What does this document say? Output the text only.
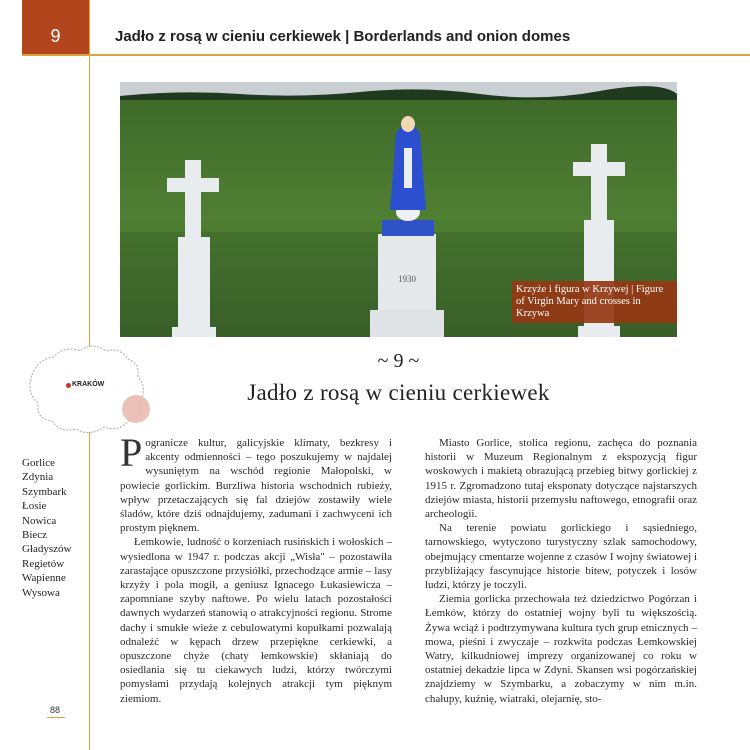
9	Jadło z rosą w cieniu cerkiewek | Borderlands and onion domes
1930
Krzyże i figura w Krzywej | Figure of Virgin Mary and crosses in Krzywa
KRAKÓW
~ 9 ~
Jadło z rosą w cieniu cerkiewek
Gorlice
Zdynia
Szymbark
Łosie
Nowica
Biecz
Gładyszów
Regietów
Wapienne
Wysowa

Pogranicze kultur, galicyjskie klimaty, bezkresy i akcenty odmienności – tego poszukujemy w najdalej wysuniętym na wschód regionie Małopolski, w powiecie gorlickim. Burzliwa historia wschodnich rubieży, wpływ przetaczających się fal dziejów zostawiły wiele śladów, które dziś odnajdujemy, zadumani i zachwyceni ich prostym pięknem.

Łemkowie, ludność o korzeniach rusińskich i wołoskich – wysiedlona w 1947 r. podczas akcji „Wisła" – pozostawiła zarastające opuszczone przysiółki, przechodzące armie – lasy krzyży i pola mogił, a geniusz Ignacego Łukasiewicza – zapomniane szyby naftowe. Po wielu latach pozostałości dawnych wydarzeń stanowią o atrakcyjności regionu. Strome dachy i smukłe wieże z cebulowatymi kopułkami pozwalają odnaleźć w kępach drzew przepiękne cerkiewki, a opuszczone chyże (chaty łemkowskie) skłaniają do osiedlania się tu ciekawych ludzi, którzy twórczymi pomysłami przydają kolejnych atrakcji tym pięknym ziemiom.

Miasto Gorlice, stolica regionu, zachęca do poznania historii w Muzeum Regionalnym z ekspozycją figur woskowych i makietą obrazującą przebieg bitwy gorlickiej z 1915 r. Zgromadzono tutaj eksponaty dotyczące najstarszych dziejów miasta, historii przemysłu naftowego, etnografii oraz archeologii.

Na terenie powiatu gorlickiego i sąsiedniego, tarnowskiego, wytyczono turystyczny szlak samochodowy, obejmujący cmentarze wojenne z czasów I wojny światowej i przybliżający fascynujące historie bitew, potyczek i losów ludzi, którzy je toczyli.

Ziemia gorlicka przechowała też dziedzictwo Pogórzan i Łemków, którzy do ostatniej wojny byli tu większością. Żywa wciąż i podtrzymywana kultura tych grup etnicznych – mowa, pieśni i zwyczaje – rozkwita podczas Łemkowskiej Watry, kilkudniowej imprezy organizowanej co roku w ostatniej dekadzie lipca w Zdyni. Skansen wsi pogórzańskiej znajdziemy w Szymbarku, a zobaczymy w nim m.in. chałupy, kuźnię, wiatraki, olejarnię, sto-

88
